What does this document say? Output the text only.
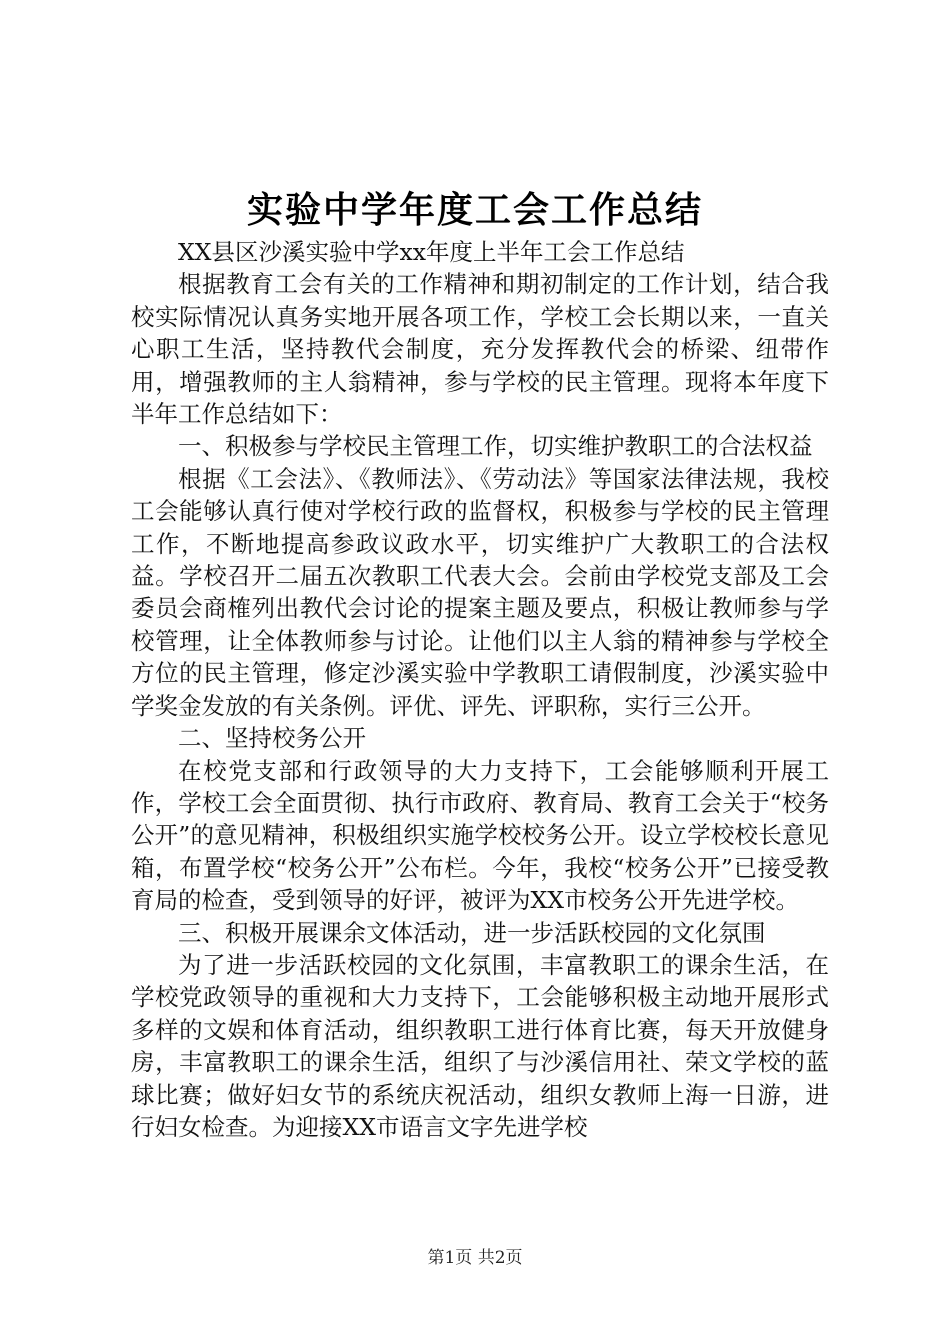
实验中学年度工会工作总结

XX县区沙溪实验中学xx年度上半年工会工作总结

根据教育工会有关的工作精神和期初制定的工作计划，结合我校实际情况认真务实地开展各项工作，学校工会长期以来，一直关心职工生活，坚持教代会制度，充分发挥教代会的桥梁、纽带作用，增强教师的主人翁精神，参与学校的民主管理。现将本年度下半年工作总结如下：

一、积极参与学校民主管理工作，切实维护教职工的合法权益

根据《工会法》、《教师法》、《劳动法》等国家法律法规，我校工会能够认真行使对学校行政的监督权，积极参与学校的民主管理工作，不断地提高参政议政水平，切实维护广大教职工的合法权益。学校召开二届五次教职工代表大会。会前由学校党支部及工会委员会商榷列出教代会讨论的提案主题及要点，积极让教师参与学校管理，让全体教师参与讨论。让他们以主人翁的精神参与学校全方位的民主管理，修定沙溪实验中学教职工请假制度，沙溪实验中学奖金发放的有关条例。评优、评先、评职称，实行三公开。

二、坚持校务公开

在校党支部和行政领导的大力支持下，工会能够顺利开展工作，学校工会全面贯彻、执行市政府、教育局、教育工会关于“校务公开”的意见精神，积极组织实施学校校务公开。设立学校校长意见箱，布置学校“校务公开”公布栏。今年，我校“校务公开”已接受教育局的检查，受到领导的好评，被评为XX市校务公开先进学校。

三、积极开展课余文体活动，进一步活跃校园的文化氛围

为了进一步活跃校园的文化氛围，丰富教职工的课余生活，在学校党政领导的重视和大力支持下，工会能够积极主动地开展形式多样的文娱和体育活动，组织教职工进行体育比赛，每天开放健身房，丰富教职工的课余生活，组织了与沙溪信用社、荣文学校的蓝球比赛；做好妇女节的系统庆祝活动，组织女教师上海一日游，进行妇女检查。为迎接XX市语言文字先进学校

第1页 共2页
